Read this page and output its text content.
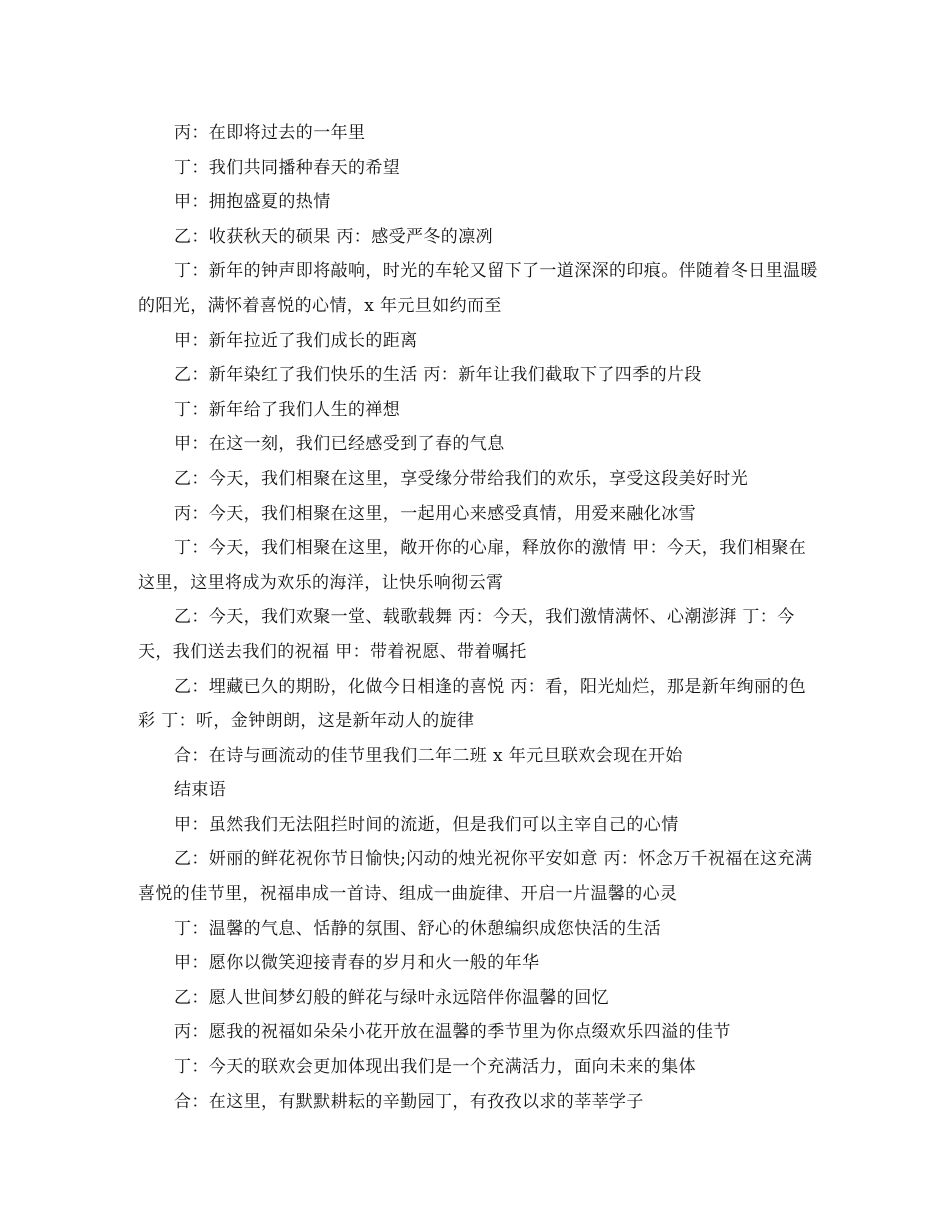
丙：在即将过去的一年里

丁：我们共同播种春天的希望

甲：拥抱盛夏的热情

乙：收获秋天的硕果 丙：感受严冬的凛冽

丁：新年的钟声即将敲响，时光的车轮又留下了一道深深的印痕。伴随着冬日里温暖的阳光，满怀着喜悦的心情，x 年元旦如约而至

甲：新年拉近了我们成长的距离

乙：新年染红了我们快乐的生活 丙：新年让我们截取下了四季的片段

丁：新年给了我们人生的禅想

甲：在这一刻，我们已经感受到了春的气息

乙：今天，我们相聚在这里，享受缘分带给我们的欢乐，享受这段美好时光

丙：今天，我们相聚在这里，一起用心来感受真情，用爱来融化冰雪

丁：今天，我们相聚在这里，敞开你的心扉，释放你的激情 甲：今天，我们相聚在这里，这里将成为欢乐的海洋，让快乐响彻云霄

乙：今天，我们欢聚一堂、载歌载舞 丙：今天，我们激情满怀、心潮澎湃 丁：今天，我们送去我们的祝福 甲：带着祝愿、带着嘱托

乙：埋藏已久的期盼，化做今日相逢的喜悦 丙：看，阳光灿烂，那是新年绚丽的色彩 丁：听，金钟朗朗，这是新年动人的旋律

合：在诗与画流动的佳节里我们二年二班 x 年元旦联欢会现在开始

结束语

甲：虽然我们无法阻拦时间的流逝，但是我们可以主宰自己的心情

乙：妍丽的鲜花祝你节日愉快;闪动的烛光祝你平安如意 丙：怀念万千祝福在这充满喜悦的佳节里，祝福串成一首诗、组成一曲旋律、开启一片温馨的心灵

丁：温馨的气息、恬静的氛围、舒心的休憩编织成您快活的生活

甲：愿你以微笑迎接青春的岁月和火一般的年华

乙：愿人世间梦幻般的鲜花与绿叶永远陪伴你温馨的回忆

丙：愿我的祝福如朵朵小花开放在温馨的季节里为你点缀欢乐四溢的佳节

丁：今天的联欢会更加体现出我们是一个充满活力，面向未来的集体

合：在这里，有默默耕耘的辛勤园丁，有孜孜以求的莘莘学子
